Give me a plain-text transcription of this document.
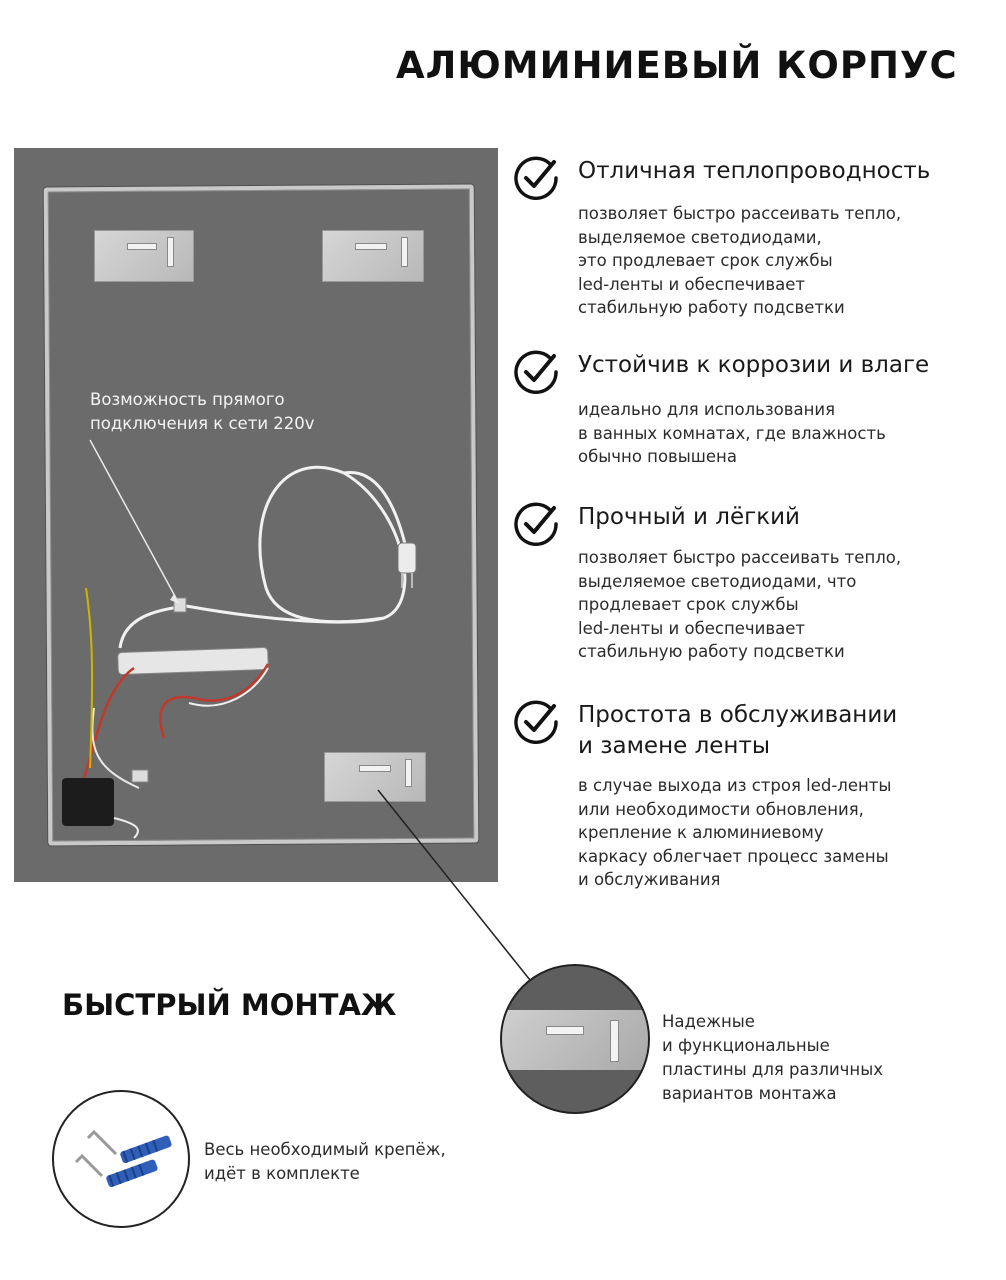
АЛЮМИНИЕВЫЙ КОРПУС
Возможность прямого
подключения к сети 220v
Отличная теплопроводность
позволяет быстро рассеивать тепло,
выделяемое светодиодами,
это продлевает срок службы
led-ленты и обеспечивает
стабильную работу подсветки
Устойчив к коррозии и влаге
идеально для использования
в ванных комнатах, где влажность
обычно повышена
Прочный и лёгкий
позволяет быстро рассеивать тепло,
выделяемое светодиодами, что
продлевает срок службы
led-ленты и обеспечивает
стабильную работу подсветки
Простота в обслуживании
и замене ленты
в случае выхода из строя led-ленты
или необходимости обновления,
крепление к алюминиевому
каркасу облегчает процесс замены
и обслуживания
БЫСТРЫЙ МОНТАЖ	Надежные
и функциональные
пластины для различных
вариантов монтажа
Весь необходимый крепёж,
идёт в комплекте
